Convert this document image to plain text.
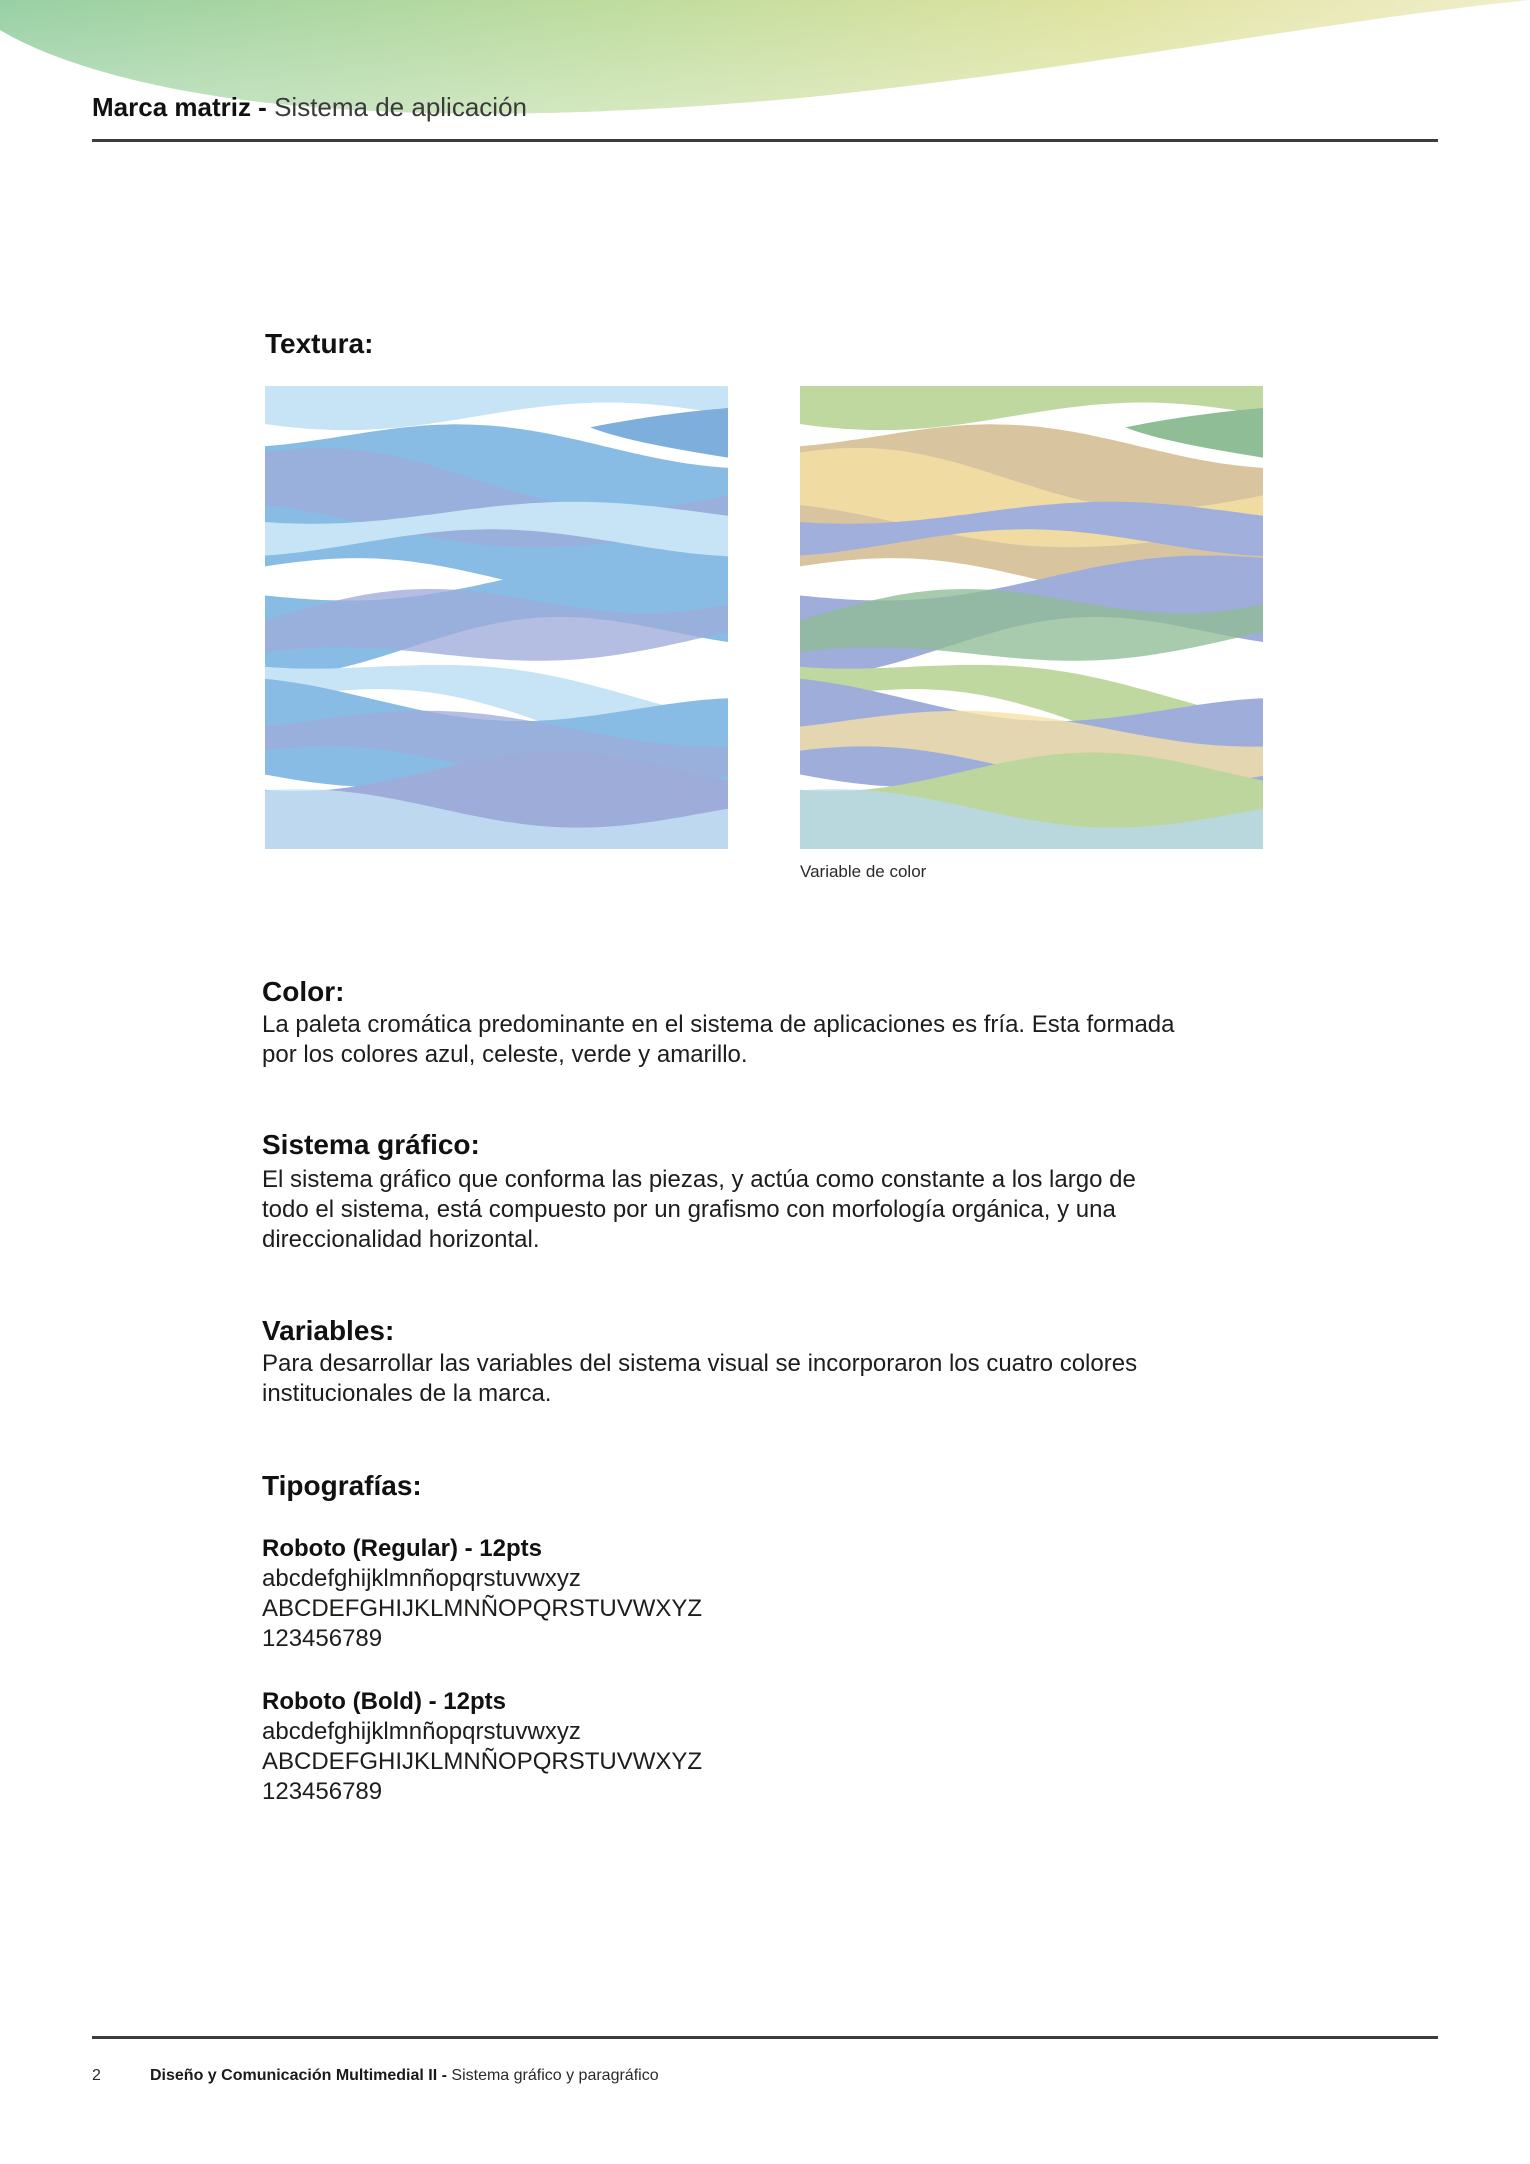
Marca matriz - Sistema de aplicación
Textura:
Variable de color
Color:
La paleta cromática predominante en el sistema de aplicaciones es fría. Esta formada
por los colores azul, celeste, verde y amarillo.
Sistema gráfico:
El sistema gráfico que conforma las piezas, y actúa como constante a los largo de
todo el sistema, está compuesto por un grafismo con morfología orgánica, y una
direccionalidad horizontal.
Variables:
Para desarrollar las variables del sistema visual se incorporaron los cuatro colores
institucionales de la marca.
Tipografías:
Roboto (Regular) - 12pts
abcdefghijklmnñopqrstuvwxyz
ABCDEFGHIJKLMNÑOPQRSTUVWXYZ
123456789
Roboto (Bold) - 12pts
abcdefghijklmnñopqrstuvwxyz
ABCDEFGHIJKLMNÑOPQRSTUVWXYZ
123456789
2	Diseño y Comunicación Multimedial II - Sistema gráfico y paragráfico
